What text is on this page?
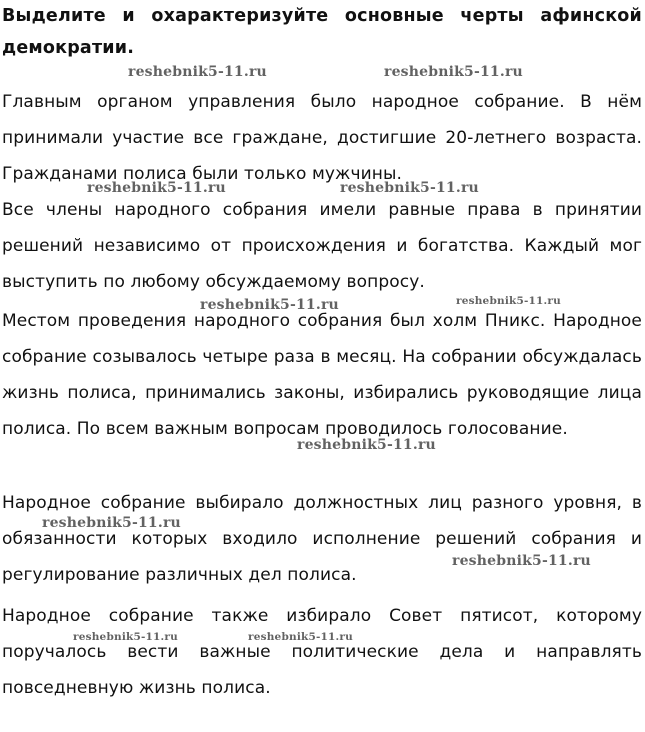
Выделите и охарактеризуйте основные черты афинской демократии.

Главным органом управления было народное собрание. В нём принимали участие все граждане, достигшие 20-летнего возраста. Гражданами полиса были только мужчины.

Все члены народного собрания имели равные права в принятии решений независимо от происхождения и богатства. Каждый мог выступить по любому обсуждаемому вопросу.

Местом проведения народного собрания был холм Пникс. Народное собрание созывалось четыре раза в месяц. На собрании обсуждалась жизнь полиса, принимались законы, избирались руководящие лица полиса. По всем важным вопросам проводилось голосование.

Народное собрание выбирало должностных лиц разного уровня, в обязанности которых входило исполнение решений собрания и регулирование различных дел полиса.

Народное собрание также избирало Совет пятисот, которому поручалось вести важные политические дела и направлять повседневную жизнь полиса.

reshebnik5-11.ru	reshebnik5-11.ru
reshebnik5-11.ru	reshebnik5-11.ru
reshebnik5-11.ru	reshebnik5-11.ru
reshebnik5-11.ru
reshebnik5-11.ru
reshebnik5-11.ru
reshebnik5-11.ru	reshebnik5-11.ru
